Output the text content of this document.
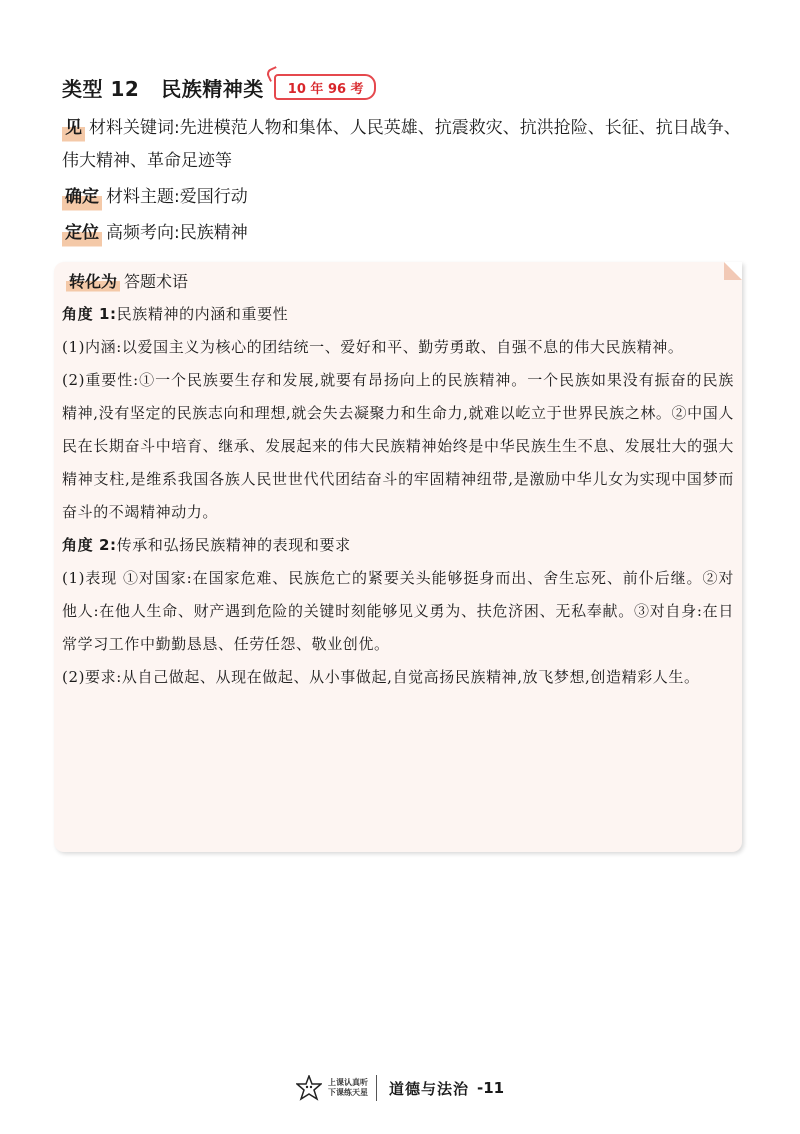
类型 12 民族精神类	10 年 96 考
见 材料关键词:先进模范人物和集体、人民英雄、抗震救灾、抗洪抢险、长征、抗日战争、伟大精神、革命足迹等
确定 材料主题:爱国行动
定位 高频考向:民族精神
转化为 答题术语

角度 1:民族精神的内涵和重要性

(1)内涵:以爱国主义为核心的团结统一、爱好和平、勤劳勇敢、自强不息的伟大民族精神。

(2)重要性:①一个民族要生存和发展,就要有昂扬向上的民族精神。一个民族如果没有振奋的民族精神,没有坚定的民族志向和理想,就会失去凝聚力和生命力,就难以屹立于世界民族之林。②中国人民在长期奋斗中培育、继承、发展起来的伟大民族精神始终是中华民族生生不息、发展壮大的强大精神支柱,是维系我国各族人民世世代代团结奋斗的牢固精神纽带,是激励中华儿女为实现中国梦而奋斗的不竭精神动力。

角度 2:传承和弘扬民族精神的表现和要求

(1)表现 ①对国家:在国家危难、民族危亡的紧要关头能够挺身而出、舍生忘死、前仆后继。②对他人:在他人生命、财产遇到危险的关键时刻能够见义勇为、扶危济困、无私奉献。③对自身:在日常学习工作中勤勤恳恳、任劳任怨、敬业创优。

(2)要求:从自己做起、从现在做起、从小事做起,自觉高扬民族精神,放飞梦想,创造精彩人生。

上课认真听
下课练天星 道德与法治 -11
